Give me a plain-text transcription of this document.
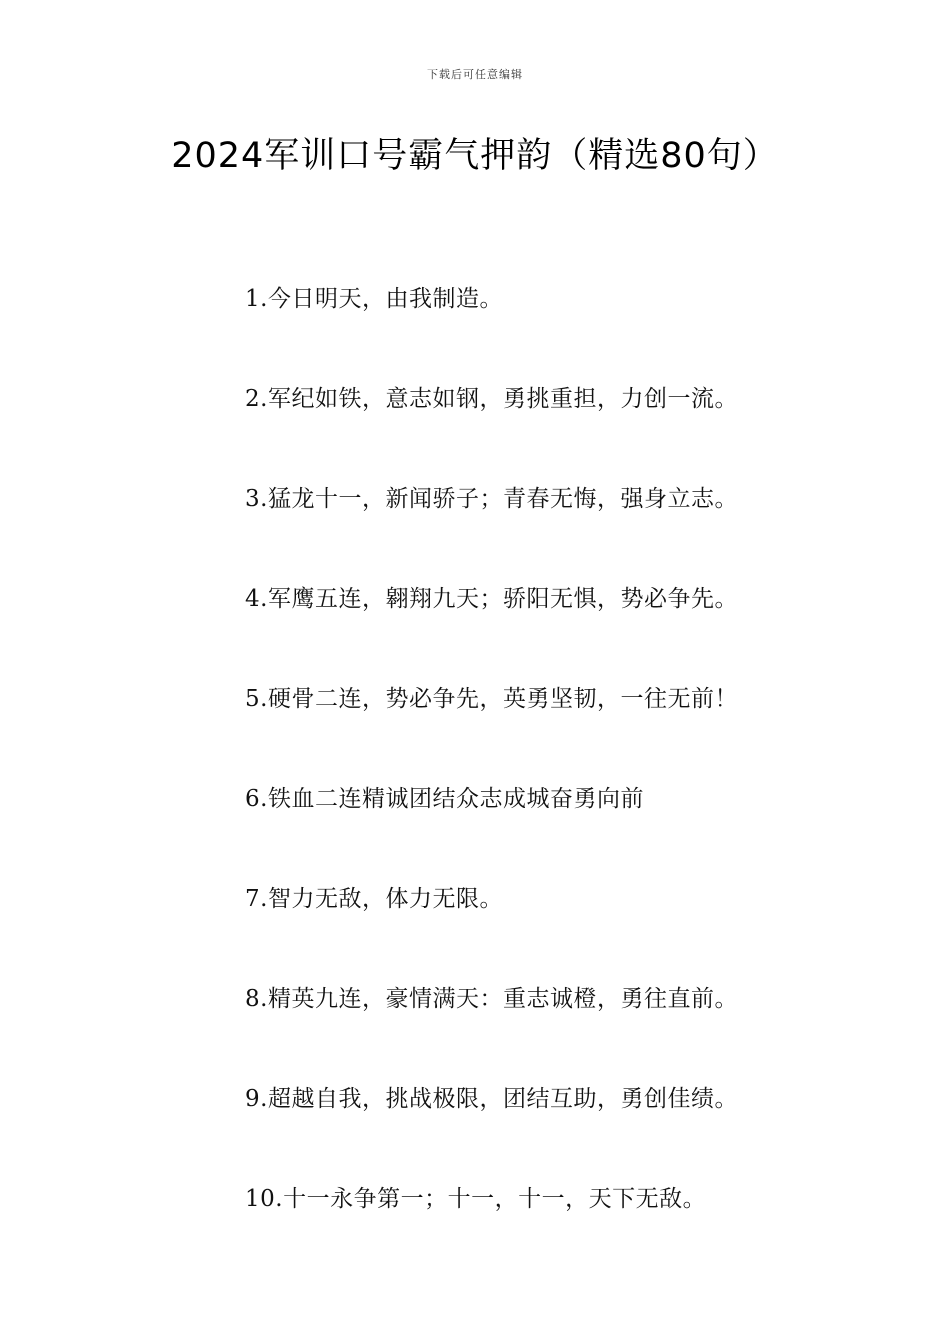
下载后可任意编辑
2024军训口号霸气押韵（精选80句）
1.今日明天，由我制造。
2.军纪如铁，意志如钢，勇挑重担，力创一流。
3.猛龙十一，新闻骄子；青春无悔，强身立志。
4.军鹰五连，翱翔九天；骄阳无惧，势必争先。
5.硬骨二连，势必争先，英勇坚韧，一往无前！
6.铁血二连精诚团结众志成城奋勇向前
7.智力无敌，体力无限。
8.精英九连，豪情满天：重志诚橙，勇往直前。
9.超越自我，挑战极限，团结互助，勇创佳绩。
10.十一永争第一；十一，十一，天下无敌。
